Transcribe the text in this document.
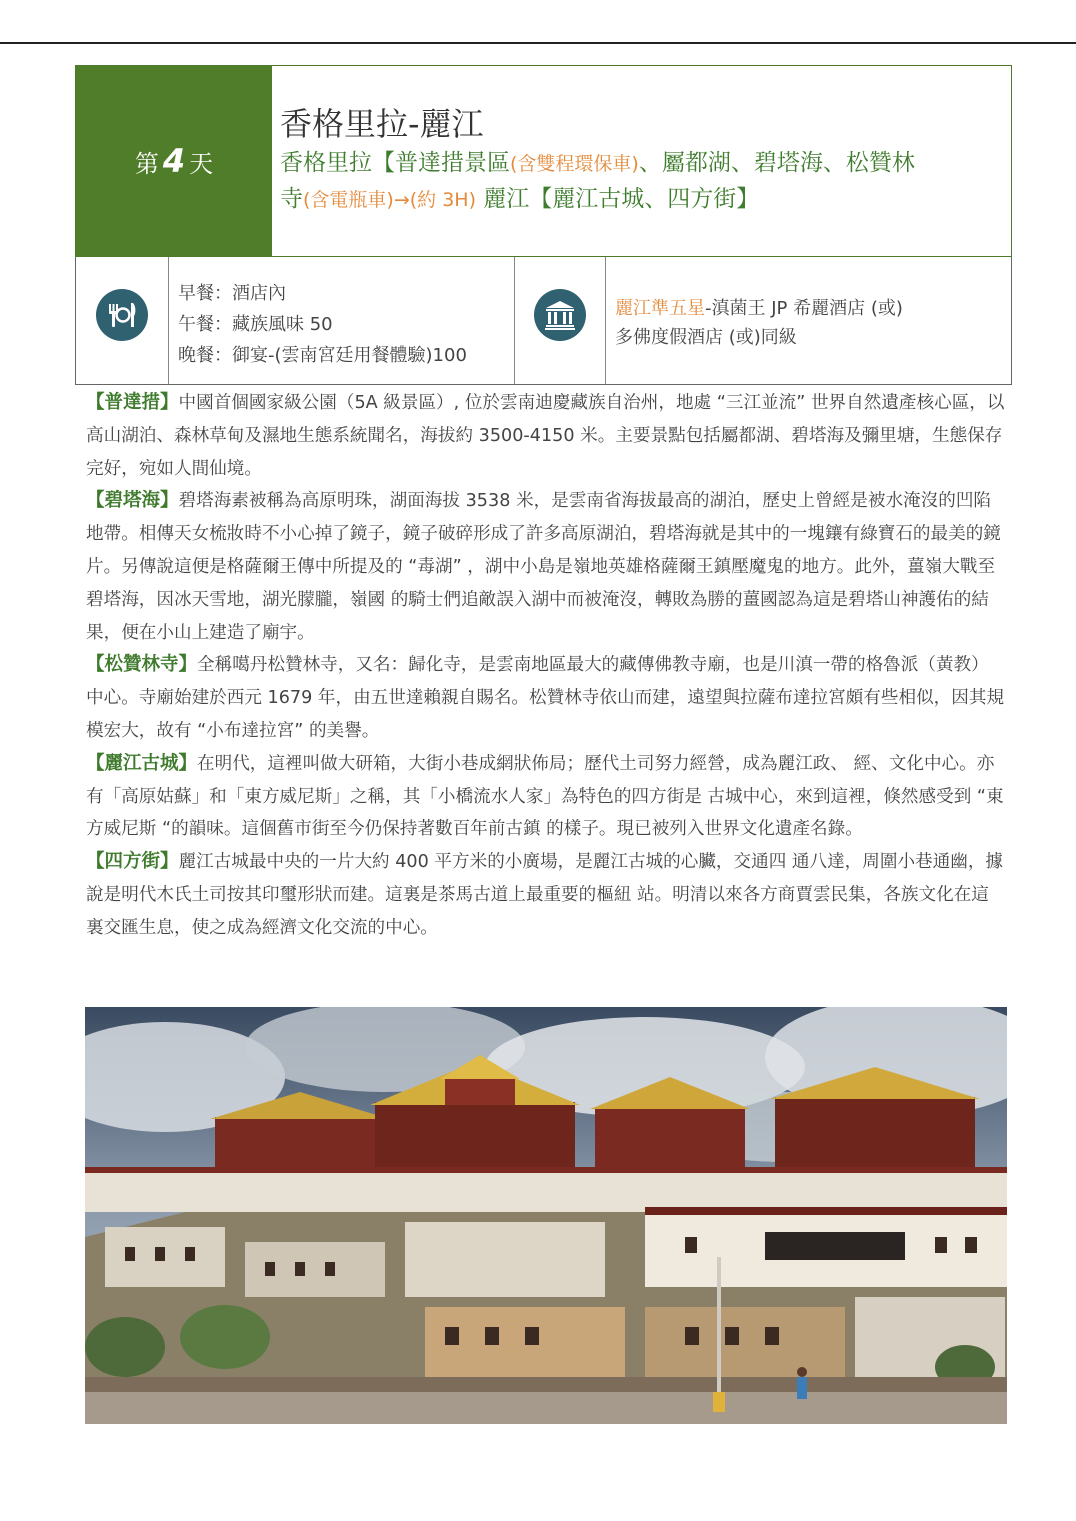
第 4 天
香格里拉-麗江
香格里拉【普達措景區(含雙程環保車)、屬都湖、碧塔海、松贊林
寺(含電瓶車)→(約 3H) 麗江【麗江古城、四方街】
早餐：酒店內
午餐：藏族風味 50
晚餐：御宴-(雲南宮廷用餐體驗)100
麗江準五星-滇菌王 JP 希麗酒店 (或)
多佛度假酒店 (或)同級

【普達措】中國首個國家級公園（5A 級景區）, 位於雲南迪慶藏族自治州，地處 “三江並流” 世界自然遺產核心區，以高山湖泊、森林草甸及濕地生態系統聞名，海拔約 3500-4150 米。主要景點包括屬都湖、碧塔海及彌里塘，生態保存完好，宛如人間仙境。

【碧塔海】碧塔海素被稱為高原明珠，湖面海拔 3538 米，是雲南省海拔最高的湖泊，歷史上曾經是被水淹沒的凹陷地帶。相傳天女梳妝時不小心掉了鏡子，鏡子破碎形成了許多高原湖泊，碧塔海就是其中的一塊鑲有綠寶石的最美的鏡片。另傳說這便是格薩爾王傳中所提及的 “毒湖” ，湖中小島是嶺地英雄格薩爾王鎮壓魔鬼的地方。此外，薑嶺大戰至碧塔海，因冰天雪地，湖光朦朧，嶺國 的騎士們追敵誤入湖中而被淹沒，轉敗為勝的薑國認為這是碧塔山神護佑的結果，便在小山上建造了廟宇。

【松贊林寺】全稱噶丹松贊林寺，又名：歸化寺，是雲南地區最大的藏傳佛教寺廟，也是川滇一帶的格魯派（黃教）中心。寺廟始建於西元 1679 年，由五世達賴親自賜名。松贊林寺依山而建，遠望與拉薩布達拉宮頗有些相似，因其規模宏大，故有 “小布達拉宮” 的美譽。

【麗江古城】在明代，這裡叫做大研箱，大街小巷成網狀佈局；歷代土司努力經營，成為麗江政、 經、文化中心。亦有「高原姑蘇」和「東方威尼斯」之稱，其「小橋流水人家」為特色的四方街是 古城中心，來到這裡，倏然感受到 “東方威尼斯 “的韻味。這個舊市街至今仍保持著數百年前古鎮 的樣子。現已被列入世界文化遺產名錄。

【四方街】麗江古城最中央的一片大約 400 平方米的小廣場，是麗江古城的心臟，交通四 通八達，周圍小巷通幽，據說是明代木氏土司按其印璽形狀而建。這裏是茶馬古道上最重要的樞紐 站。明清以來各方商賈雲民集，各族文化在這裏交匯生息，使之成為經濟文化交流的中心。
